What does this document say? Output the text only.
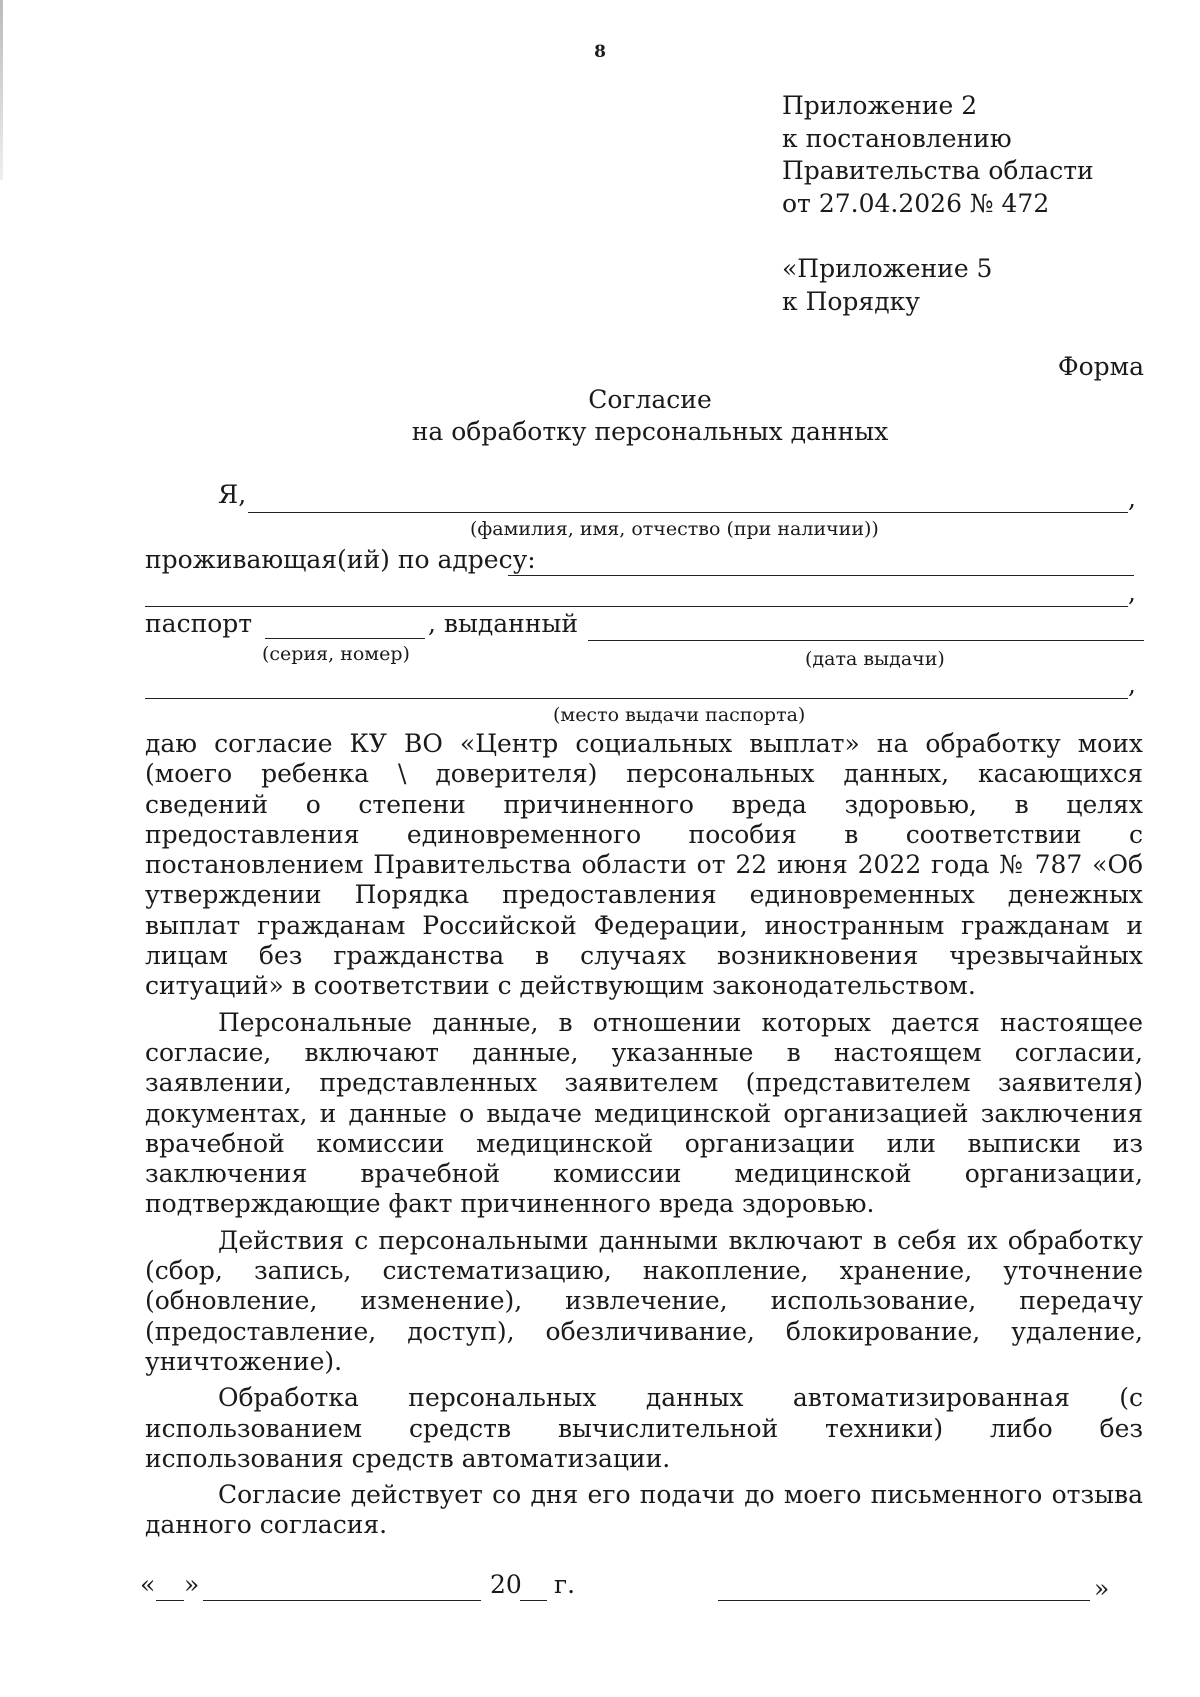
8
Приложение 2
к постановлению
Правительства области
от 27.04.2026 № 472
«Приложение 5
к Порядку
Форма
Согласие
на обработку персональных данных
Я,	,
(фамилия, имя, отчество (при наличии))
проживающая(ий) по адресу:
,
паспорт	, выданный
(серия, номер)	(дата выдачи)
,
(место выдачи паспорта)

даю согласие КУ ВО «Центр социальных выплат» на обработку моих (моего ребенка \ доверителя) персональных данных, касающихся сведений о степени причиненного вреда здоровью, в целях предоставления единовременного пособия в соответствии с постановлением Правительства области от 22 июня 2022 года № 787 «Об утверждении Порядка предоставления единовременных денежных выплат гражданам Российской Федерации, иностранным гражданам и лицам без гражданства в случаях возникновения чрезвычайных ситуаций» в соответствии с действующим законодательством.

Персональные данные, в отношении которых дается настоящее согласие, включают данные, указанные в настоящем согласии, заявлении, представленных заявителем (представителем заявителя) документах, и данные о выдаче медицинской организацией заключения врачебной комиссии медицинской организации или выписки из заключения врачебной комиссии медицинской организации, подтверждающие факт причиненного вреда здоровью.

Действия с персональными данными включают в себя их обработку (сбор, запись, систематизацию, накопление, хранение, уточнение (обновление, изменение), извлечение, использование, передачу (предоставление, доступ), обезличивание, блокирование, удаление, уничтожение).

Обработка персональных данных автоматизированная (с использованием средств вычислительной техники) либо без использования средств автоматизации.

Согласие действует со дня его подачи до моего письменного отзыва данного согласия.

« »	20 г.	»
